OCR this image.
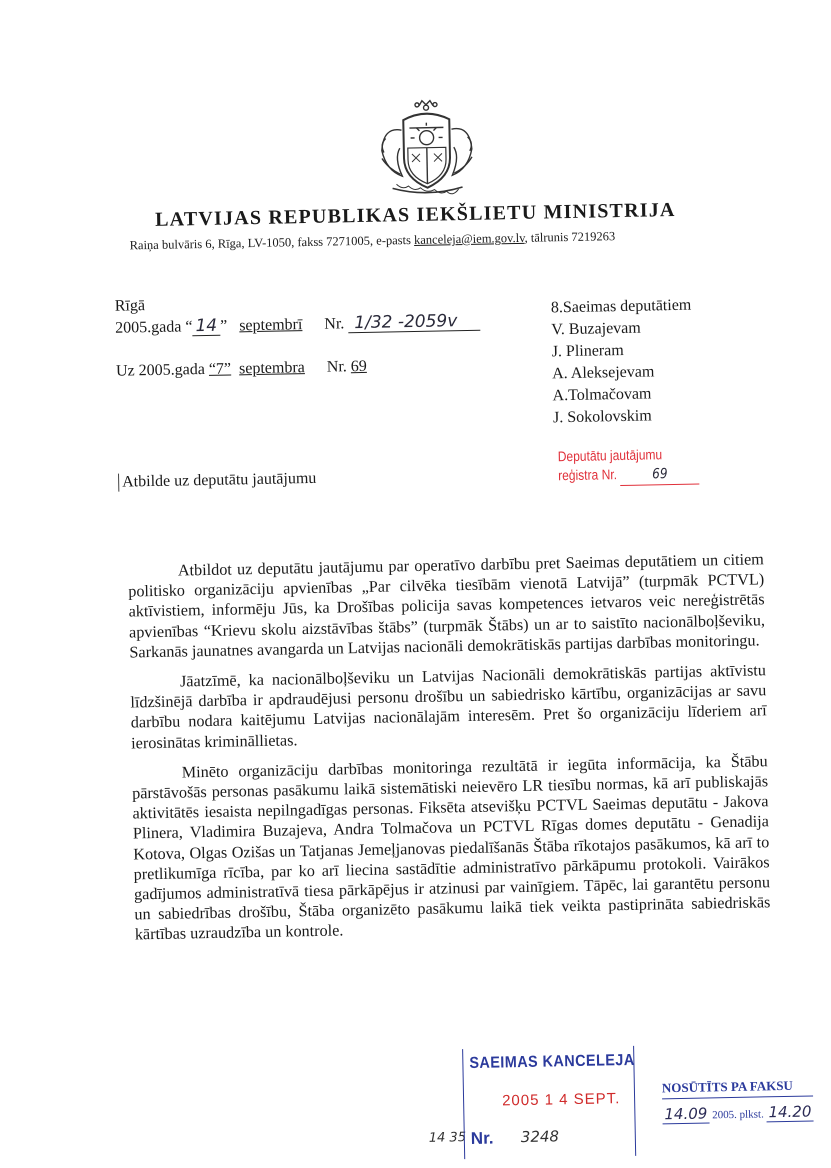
LATVIJAS REPUBLIKAS IEKŠLIETU MINISTRIJA
Raiņa bulvāris 6, Rīga, LV-1050, fakss 7271005, e-pasts kanceleja@iem.gov.lv, tālrunis 7219263
Rīgā
2005.gada “ 14 ” septembrī Nr. 1/32 -2059v
Uz 2005.gada “7” septembra Nr. 69
8.Saeimas deputātiem
V. Buzajevam
J. Plineram
A. Aleksejevam
A.Tolmačovam
J. Sokolovskim
Deputātu jautājumu
reģistra Nr. 69
Atbilde uz deputātu jautājumu

Atbildot uz deputātu jautājumu par operatīvo darbību pret Saeimas deputātiem un citiem politisko organizāciju apvienības „Par cilvēka tiesībām vienotā Latvijā” (turpmāk PCTVL) aktīvistiem, informēju Jūs, ka Drošības policija savas kompetences ietvaros veic nereģistrētās apvienības “Krievu skolu aizstāvības štābs” (turpmāk Štābs) un ar to saistīto nacionālboļševiku, Sarkanās jaunatnes avangarda un Latvijas nacionāli demokrātiskās partijas darbības monitoringu.

Jāatzīmē, ka nacionālboļševiku un Latvijas Nacionāli demokrātiskās partijas aktīvistu līdzšinējā darbība ir apdraudējusi personu drošību un sabiedrisko kārtību, organizācijas ar savu darbību nodara kaitējumu Latvijas nacionālajām interesēm. Pret šo organizāciju līderiem arī ierosinātas krimināllietas.

Minēto organizāciju darbības monitoringa rezultātā ir iegūta informācija, ka Štābu pārstāvošās personas pasākumu laikā sistemātiski neievēro LR tiesību normas, kā arī publiskajās aktivitātēs iesaista nepilngadīgas personas. Fiksēta atsevišķu PCTVL Saeimas deputātu - Jakova Plinera, Vladimira Buzajeva, Andra Tolmačova un PCTVL Rīgas domes deputātu - Genadija Kotova, Olgas Ozišas un Tatjanas Jemeļjanovas piedalīšanās Štāba rīkotajos pasākumos, kā arī to pretlikumīga rīcība, par ko arī liecina sastādītie administratīvo pārkāpumu protokoli. Vairākos gadījumos administratīvā tiesa pārkāpējus ir atzinusi par vainīgiem. Tāpēc, lai garantētu personu un sabiedrības drošību, Štāba organizēto pasākumu laikā tiek veikta pastiprināta sabiedriskās kārtības uzraudzība un kontrole.

14 35
SAEIMAS KANCELEJA
2005 1 4 SEPT.
Nr. 3248
NOSŪTĪTS PA FAKSU
14.09 2005. plkst. 14.20
